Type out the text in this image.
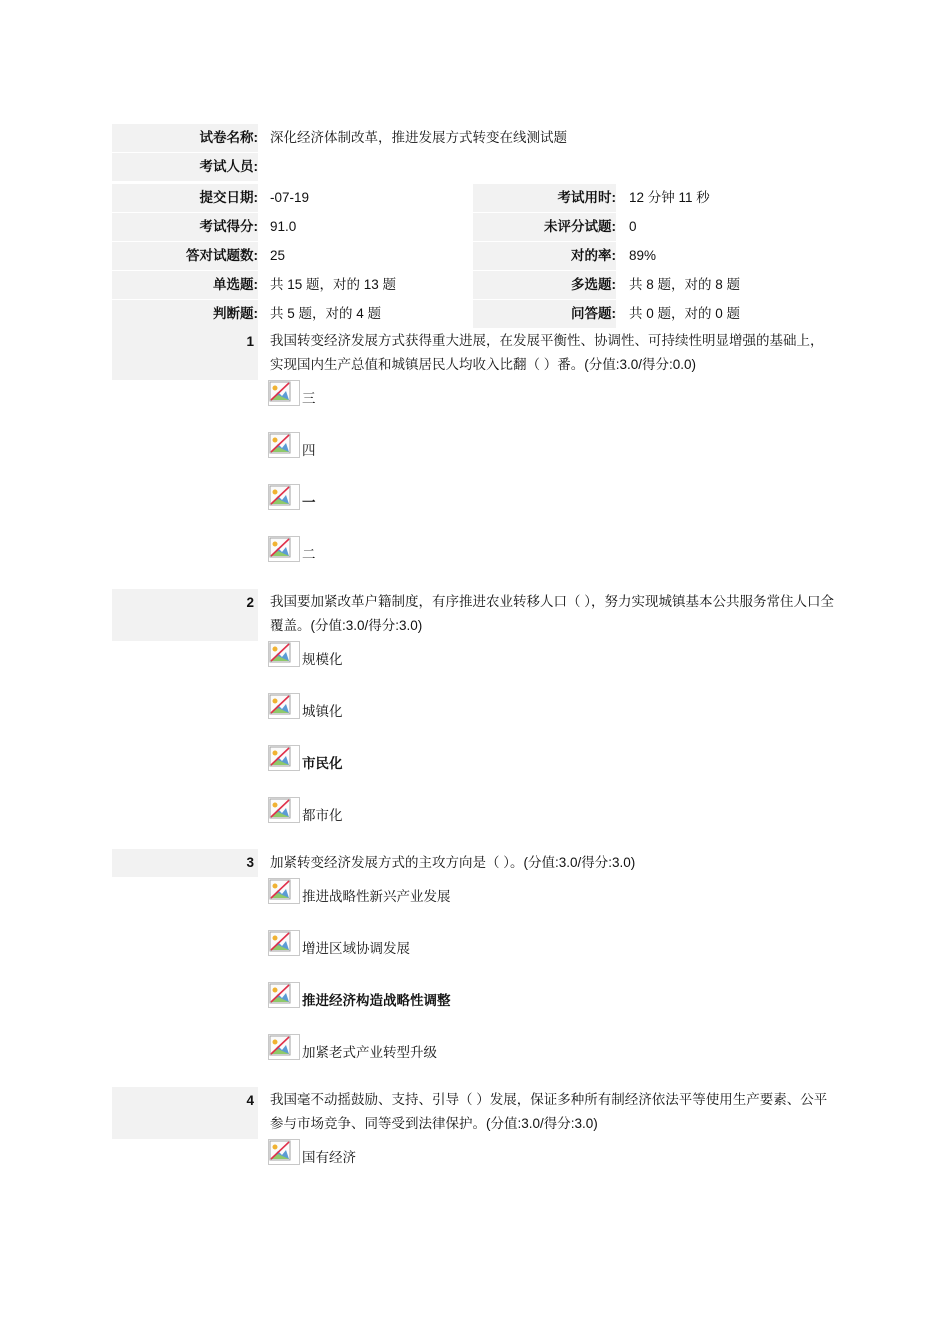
试卷名称: 深化经济体制改革，推进发展方式转变在线测试题
考试人员:
提交日期: -07-19	考试用时: 12 分钟 11 秒
考试得分: 91.0	未评分试题: 0
答对试题数: 25	对的率: 89%
单选题: 共 15 题，对的 13 题	多选题: 共 8 题，对的 8 题
判断题: 共 5 题，对的 4 题	问答题: 共 0 题，对的 0 题
1 我国转变经济发展方式获得重大进展，在发展平衡性、协调性、可持续性明显增强的基础上，实现国内生产总值和城镇居民人均收入比翻（ ）番。(分值:3.0/得分:0.0)
三
四
一
二
2 我国要加紧改革户籍制度，有序推进农业转移人口（ ），努力实现城镇基本公共服务常住人口全覆盖。(分值:3.0/得分:3.0)
规模化
城镇化
市民化
都市化
3 加紧转变经济发展方式的主攻方向是（ ）。(分值:3.0/得分:3.0)
推进战略性新兴产业发展
增进区域协调发展
推进经济构造战略性调整
加紧老式产业转型升级
4 我国毫不动摇鼓励、支持、引导（ ）发展，保证多种所有制经济依法平等使用生产要素、公平参与市场竞争、同等受到法律保护。(分值:3.0/得分:3.0)
国有经济
